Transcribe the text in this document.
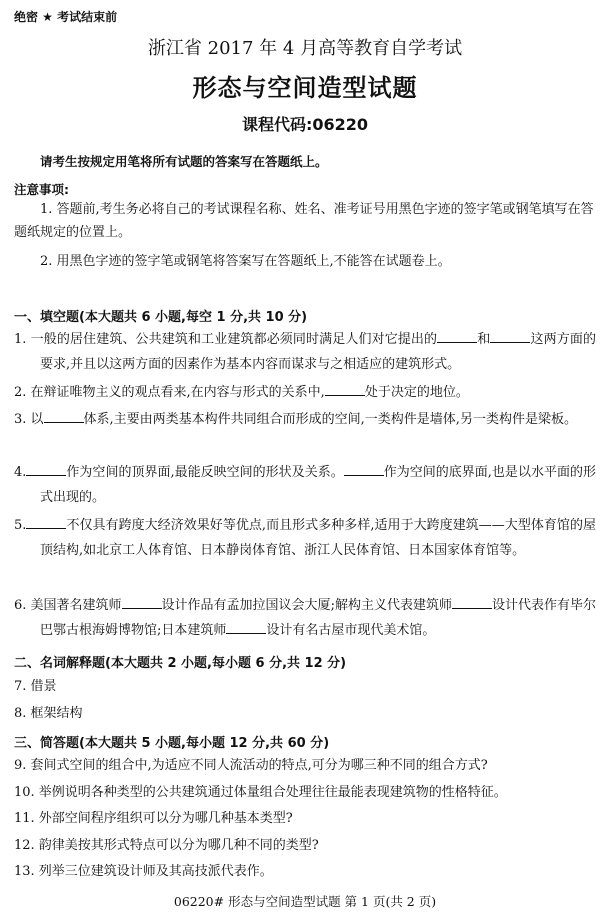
绝密 ★ 考试结束前
浙江省 2017 年 4 月高等教育自学考试
形态与空间造型试题
课程代码:06220
请考生按规定用笔将所有试题的答案写在答题纸上。
注意事项:
1. 答题前,考生务必将自己的考试课程名称、姓名、准考证号用黑色字迹的签字笔或钢笔填写在答题纸规定的位置上。
2. 用黑色字迹的签字笔或钢笔将答案写在答题纸上,不能答在试题卷上。
一、填空题(本大题共 6 小题,每空 1 分,共 10 分)
1. 一般的居住建筑、公共建筑和工业建筑都必须同时满足人们对它提出的	和	这两方面的要求,并且以这两方面的因素作为基本内容而谋求与之相适应的建筑形式。
2. 在辩证唯物主义的观点看来,在内容与形式的关系中,	处于决定的地位。
3. 以	体系,主要由两类基本构件共同组合而形成的空间,一类构件是墙体,另一类构件是梁板。
4.	作为空间的顶界面,最能反映空间的形状及关系。	作为空间的底界面,也是以水平面的形式出现的。
5.	不仅具有跨度大经济效果好等优点,而且形式多种多样,适用于大跨度建筑——大型体育馆的屋顶结构,如北京工人体育馆、日本静岗体育馆、浙江人民体育馆、日本国家体育馆等。
6. 美国著名建筑师	设计作品有孟加拉国议会大厦;解构主义代表建筑师	设计代表作有毕尔巴鄂古根海姆博物馆;日本建筑师	设计有名古屋市现代美术馆。
二、名词解释题(本大题共 2 小题,每小题 6 分,共 12 分)
7. 借景
8. 框架结构
三、简答题(本大题共 5 小题,每小题 12 分,共 60 分)
9. 套间式空间的组合中,为适应不同人流活动的特点,可分为哪三种不同的组合方式?
10. 举例说明各种类型的公共建筑通过体量组合处理往往最能表现建筑物的性格特征。
11. 外部空间程序组织可以分为哪几种基本类型?
12. 韵律美按其形式特点可以分为哪几种不同的类型?
13. 列举三位建筑设计师及其高技派代表作。
06220# 形态与空间造型试题 第 1 页(共 2 页)
